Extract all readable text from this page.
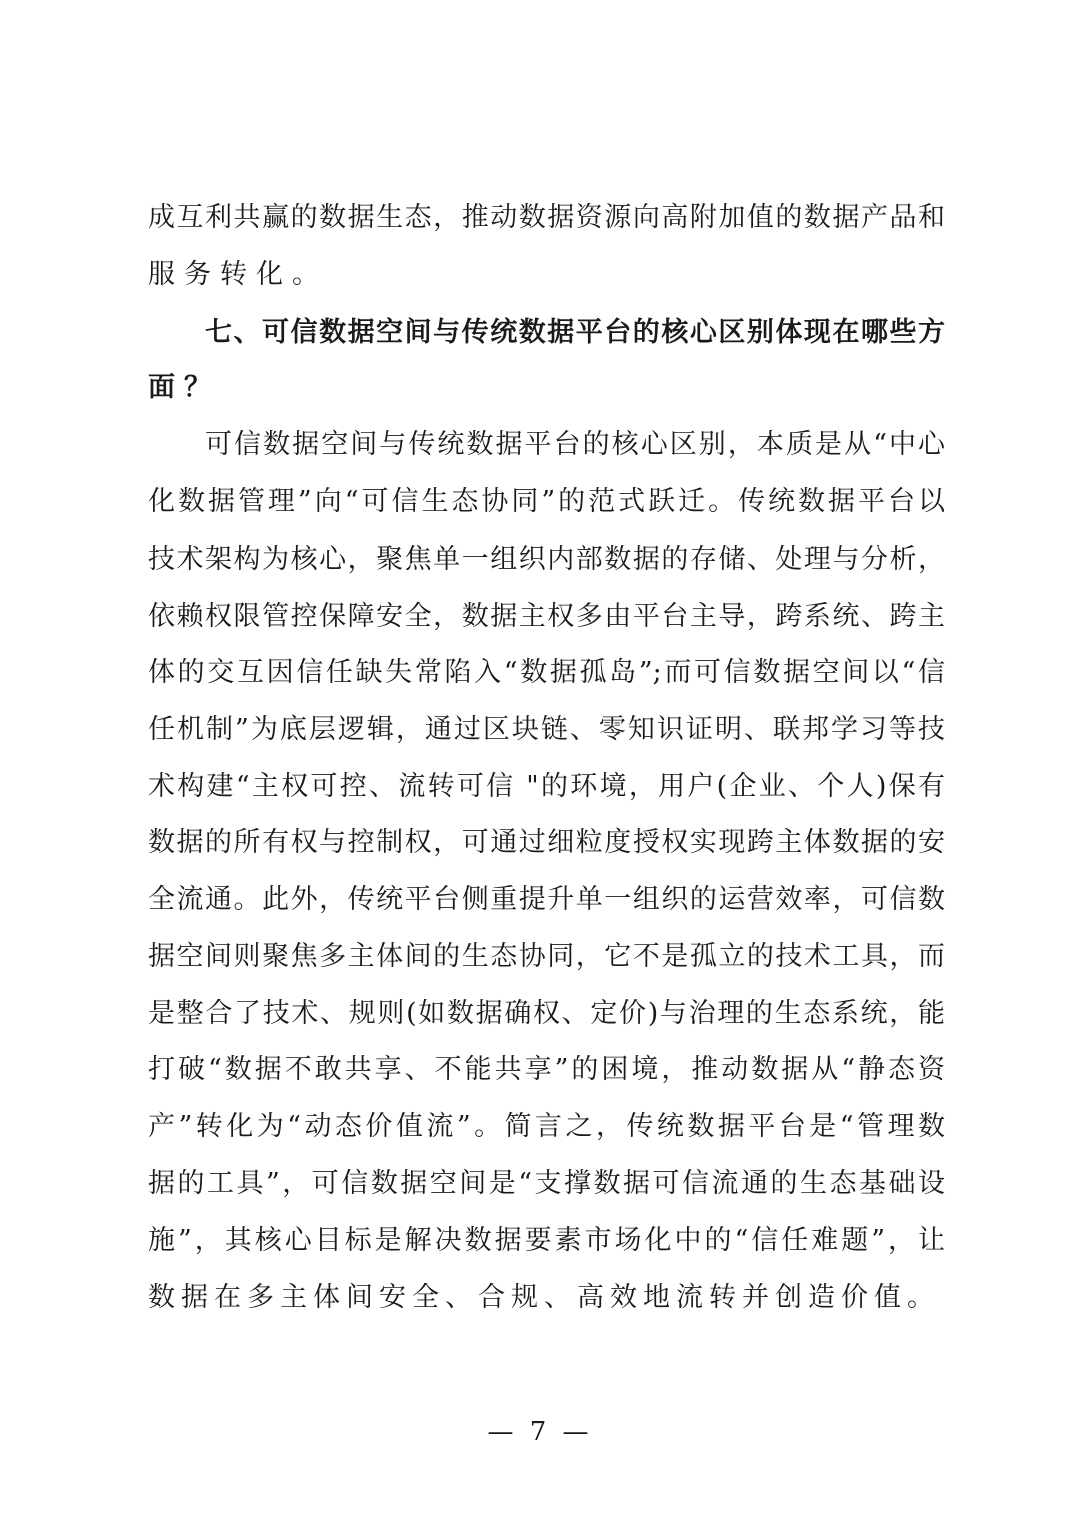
成互利共赢的数据生态，推动数据资源向高附加值的数据产品和
服务转化。
七、可信数据空间与传统数据平台的核心区别体现在哪些方
面？
可信数据空间与传统数据平台的核心区别，本质是从“中心
化数据管理”向“可信生态协同”的范式跃迁。传统数据平台以
技术架构为核心，聚焦单一组织内部数据的存储、处理与分析，
依赖权限管控保障安全，数据主权多由平台主导，跨系统、跨主
体的交互因信任缺失常陷入“数据孤岛”;而可信数据空间以“信
任机制”为底层逻辑，通过区块链、零知识证明、联邦学习等技
术构建“主权可控、流转可信 "的环境，用户(企业、个人)保有
数据的所有权与控制权，可通过细粒度授权实现跨主体数据的安
全流通。此外，传统平台侧重提升单一组织的运营效率，可信数
据空间则聚焦多主体间的生态协同，它不是孤立的技术工具，而
是整合了技术、规则(如数据确权、定价)与治理的生态系统，能
打破“数据不敢共享、不能共享”的困境，推动数据从“静态资
产”转化为“动态价值流”。简言之，传统数据平台是“管理数
据的工具”，可信数据空间是“支撑数据可信流通的生态基础设
施”，其核心目标是解决数据要素市场化中的“信任难题”，让
数据在多主体间安全、合规、高效地流转并创造价值。
— 7 —
